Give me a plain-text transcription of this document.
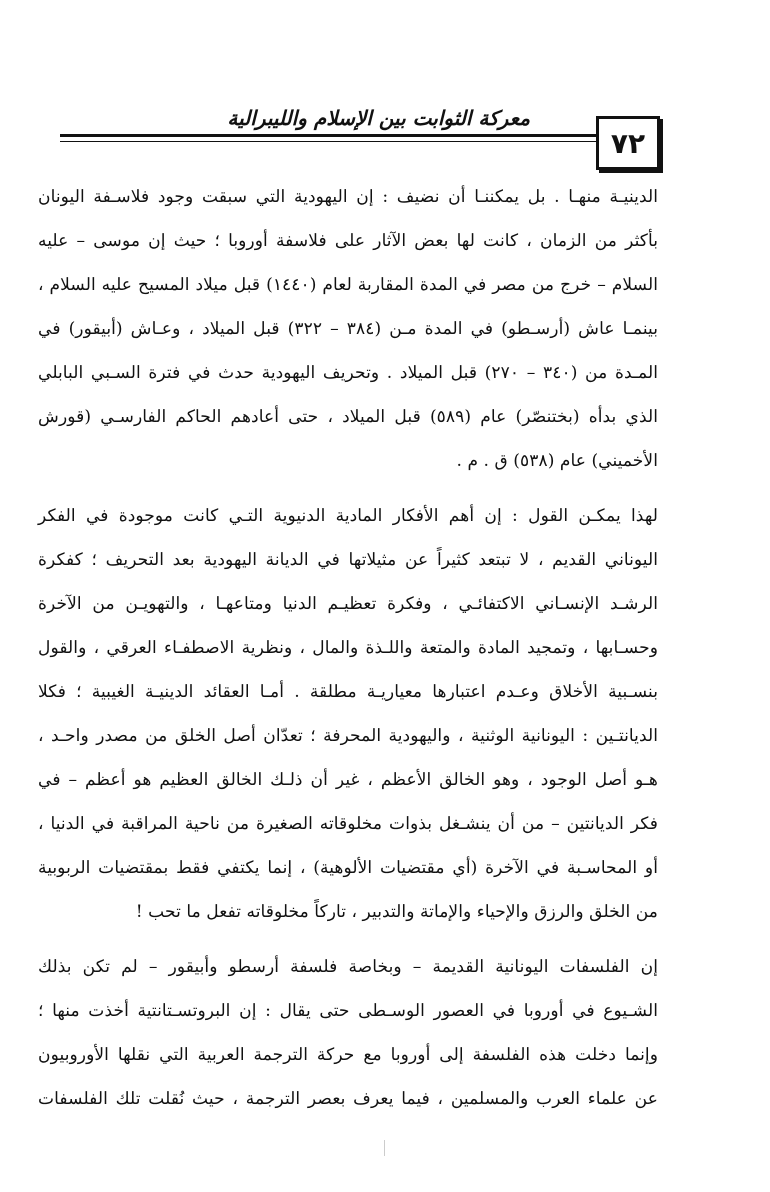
معركة الثوابت بين الإسلام والليبرالية
٧٢
الدينيـة منهـا . بل يمكننـا أن نضيف : إن اليهودية التي سبقت وجود فلاسـفة اليونان
بأكثر من الزمان ، كانت لها بعض الآثار على فلاسفة أوروبا ؛ حيث إن موسى – عليه
السلام – خرج من مصر في المدة المقاربة لعام (١٤٤٠) قبل ميلاد المسيح عليه السلام ،
بينمـا عاش (أرسـطو) في المدة مـن (٣٨٤ – ٣٢٢) قبل الميلاد ، وعـاش (أبيقور) في
المـدة من (٣٤٠ – ٢٧٠) قبل الميلاد . وتحريف اليهودية حدث في فترة السـبي البابلي
الذي بدأه (بختنصّر) عام (٥٨٩) قبل الميلاد ، حتى أعادهم الحاكم الفارسـي (قورش
الأخميني) عام (٥٣٨) ق . م .
لهذا يمكـن القول : إن أهم الأفكار المادية الدنيوية التـي كانت موجودة في الفكر
اليوناني القديم ، لا تبتعد كثيراً عن مثيلاتها في الديانة اليهودية بعد التحريف ؛ كفكرة
الرشـد الإنسـاني الاكتفائـي ، وفكرة تعظيـم الدنيا ومتاعهـا ، والتهويـن من الآخرة
وحسـابها ، وتمجيد المادة والمتعة واللـذة والمال ، ونظرية الاصطفـاء العرقي ، والقول
بنسـبية الأخلاق وعـدم اعتبارها معياريـة مطلقة . أمـا العقائد الدينيـة الغيبية ؛ فكلا
الديانتـين : اليونانية الوثنية ، واليهودية المحرفة ؛ تعدّان أصل الخلق من مصدر واحـد ،
هـو أصل الوجود ، وهو الخالق الأعظم ، غير أن ذلـك الخالق العظيم هو أعظم – في
فكر الديانتين – من أن ينشـغل بذوات مخلوقاته الصغيرة من ناحية المراقبة في الدنيا ،
أو المحاسـبة في الآخرة (أي مقتضيات الألوهية) ، إنما يكتفي فقط بمقتضيات الربوبية
من الخلق والرزق والإحياء والإماتة والتدبير ، تاركاً مخلوقاته تفعل ما تحب !
إن الفلسفات اليونانية القديمة – وبخاصة فلسفة أرسطو وأبيقور – لم تكن بذلك
الشـيوع في أوروبا في العصور الوسـطى حتى يقال : إن البروتسـتانتية أخذت منها ؛
وإنما دخلت هذه الفلسفة إلى أوروبا مع حركة الترجمة العربية التي نقلها الأوروبيون
عن علماء العرب والمسلمين ، فيما يعرف بعصر الترجمة ، حيث نُقلت تلك الفلسفات
